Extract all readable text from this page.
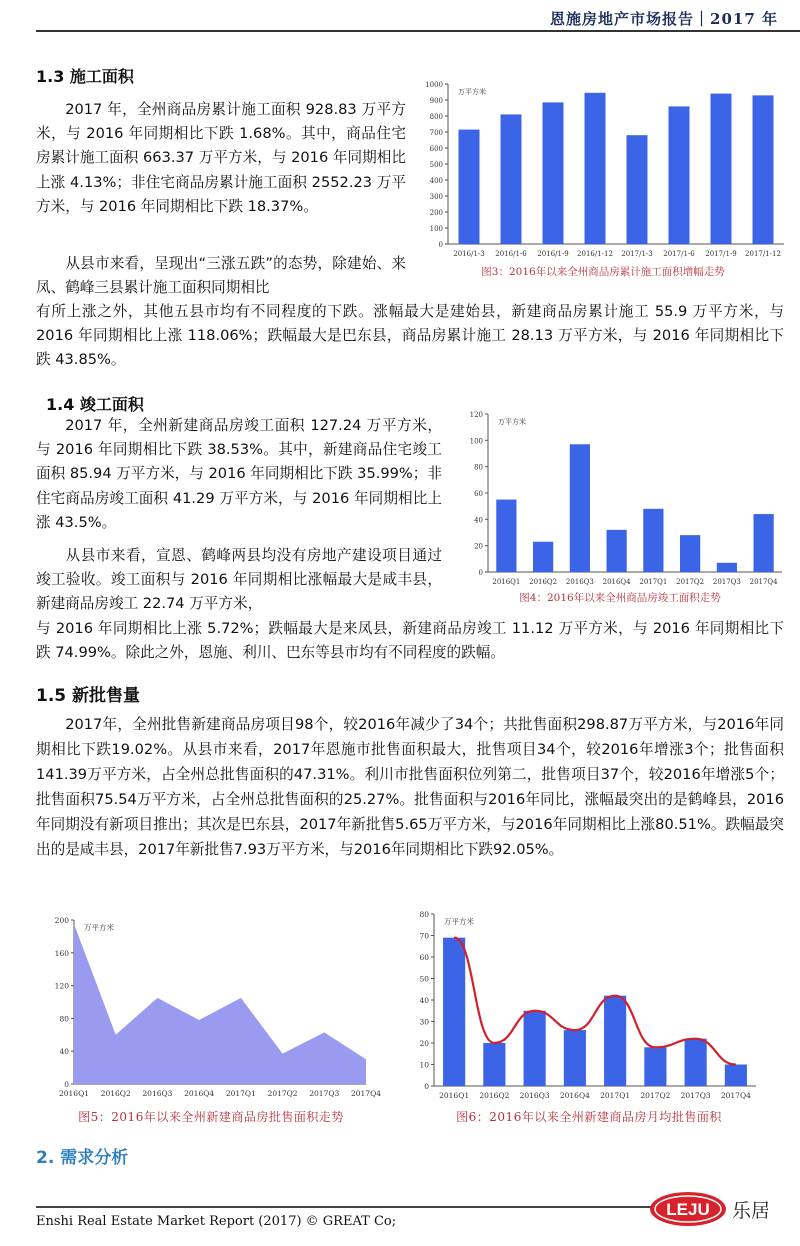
恩施房地产市场报告｜2017 年
1.3 施工面积

2017 年，全州商品房累计施工面积 928.83 万平方米，与 2016 年同期相比下跌 1.68%。其中，商品住宅房累计施工面积 663.37 万平方米，与 2016 年同期相比上涨 4.13%；非住宅商品房累计施工面积 2552.23 万平方米，与 2016 年同期相比下跌 18.37%。

从县市来看，呈现出“三涨五跌”的态势，除建始、来凤、鹤峰三县累计施工面积同期相比

有所上涨之外，其他五县市均有不同程度的下跌。涨幅最大是建始县，新建商品房累计施工 55.9 万平方米，与 2016 年同期相比上涨 118.06%；跌幅最大是巴东县，商品房累计施工 28.13 万平方米，与 2016 年同期相比下跌 43.85%。

0
100
200
300
400
500
600
700
800
900
1000
万平方米
2016/1-3 2016/1-6 2016/1-9 2016/1-12 2017/1-3 2017/1-6 2017/1-9 2017/1-12
图3：2016年以来全州商品房累计施工面积增幅走势
1.4 竣工面积

2017 年，全州新建商品房竣工面积 127.24 万平方米，与 2016 年同期相比下跌 38.53%。其中，新建商品住宅竣工面积 85.94 万平方米，与 2016 年同期相比下跌 35.99%；非住宅商品房竣工面积 41.29 万平方米，与 2016 年同期相比上涨 43.5%。

从县市来看，宣恩、鹤峰两县均没有房地产建设项目通过竣工验收。竣工面积与 2016 年同期相比涨幅最大是咸丰县，新建商品房竣工 22.74 万平方米，

与 2016 年同期相比上涨 5.72%；跌幅最大是来凤县，新建商品房竣工 11.12 万平方米，与 2016 年同期相比下跌 74.99%。除此之外，恩施、利川、巴东等县市均有不同程度的跌幅。

0
20
40
60
80
100
120
万平方米
2016Q1 2016Q2 2016Q3 2016Q4 2017Q1 2017Q2 2017Q3 2017Q4
图4：2016年以来全州商品房竣工面积走势
1.5 新批售量

2017年，全州批售新建商品房项目98个，较2016年减少了34个；共批售面积298.87万平方米，与2016年同期相比下跌19.02%。从县市来看，2017年恩施市批售面积最大，批售项目34个，较2016年增涨3个；批售面积141.39万平方米，占全州总批售面积的47.31%。利川市批售面积位列第二，批售项目37个，较2016年增涨5个；批售面积75.54万平方米，占全州总批售面积的25.27%。批售面积与2016年同比，涨幅最突出的是鹤峰县，2016年同期没有新项目推出；其次是巴东县，2017年新批售5.65万平方米，与2016年同期相比上涨80.51%。跌幅最突出的是咸丰县，2017年新批售7.93万平方米，与2016年同期相比下跌92.05%。

0
40
80
120
160
200
万平方米
2016Q1 2016Q2 2016Q3 2016Q4 2017Q1 2017Q2 2017Q3 2017Q4
图5：2016年以来全州新建商品房批售面积走势
0
10
20
30
40
50
60
70
80
万平方米
2016Q1 2016Q2 2016Q3 2016Q4 2017Q1 2017Q2 2017Q3 2017Q4
图6：2016年以来全州新建商品房月均批售面积
2. 需求分析
Enshi Real Estate Market Report (2017) © GREAT Co;
LEJU 乐居
